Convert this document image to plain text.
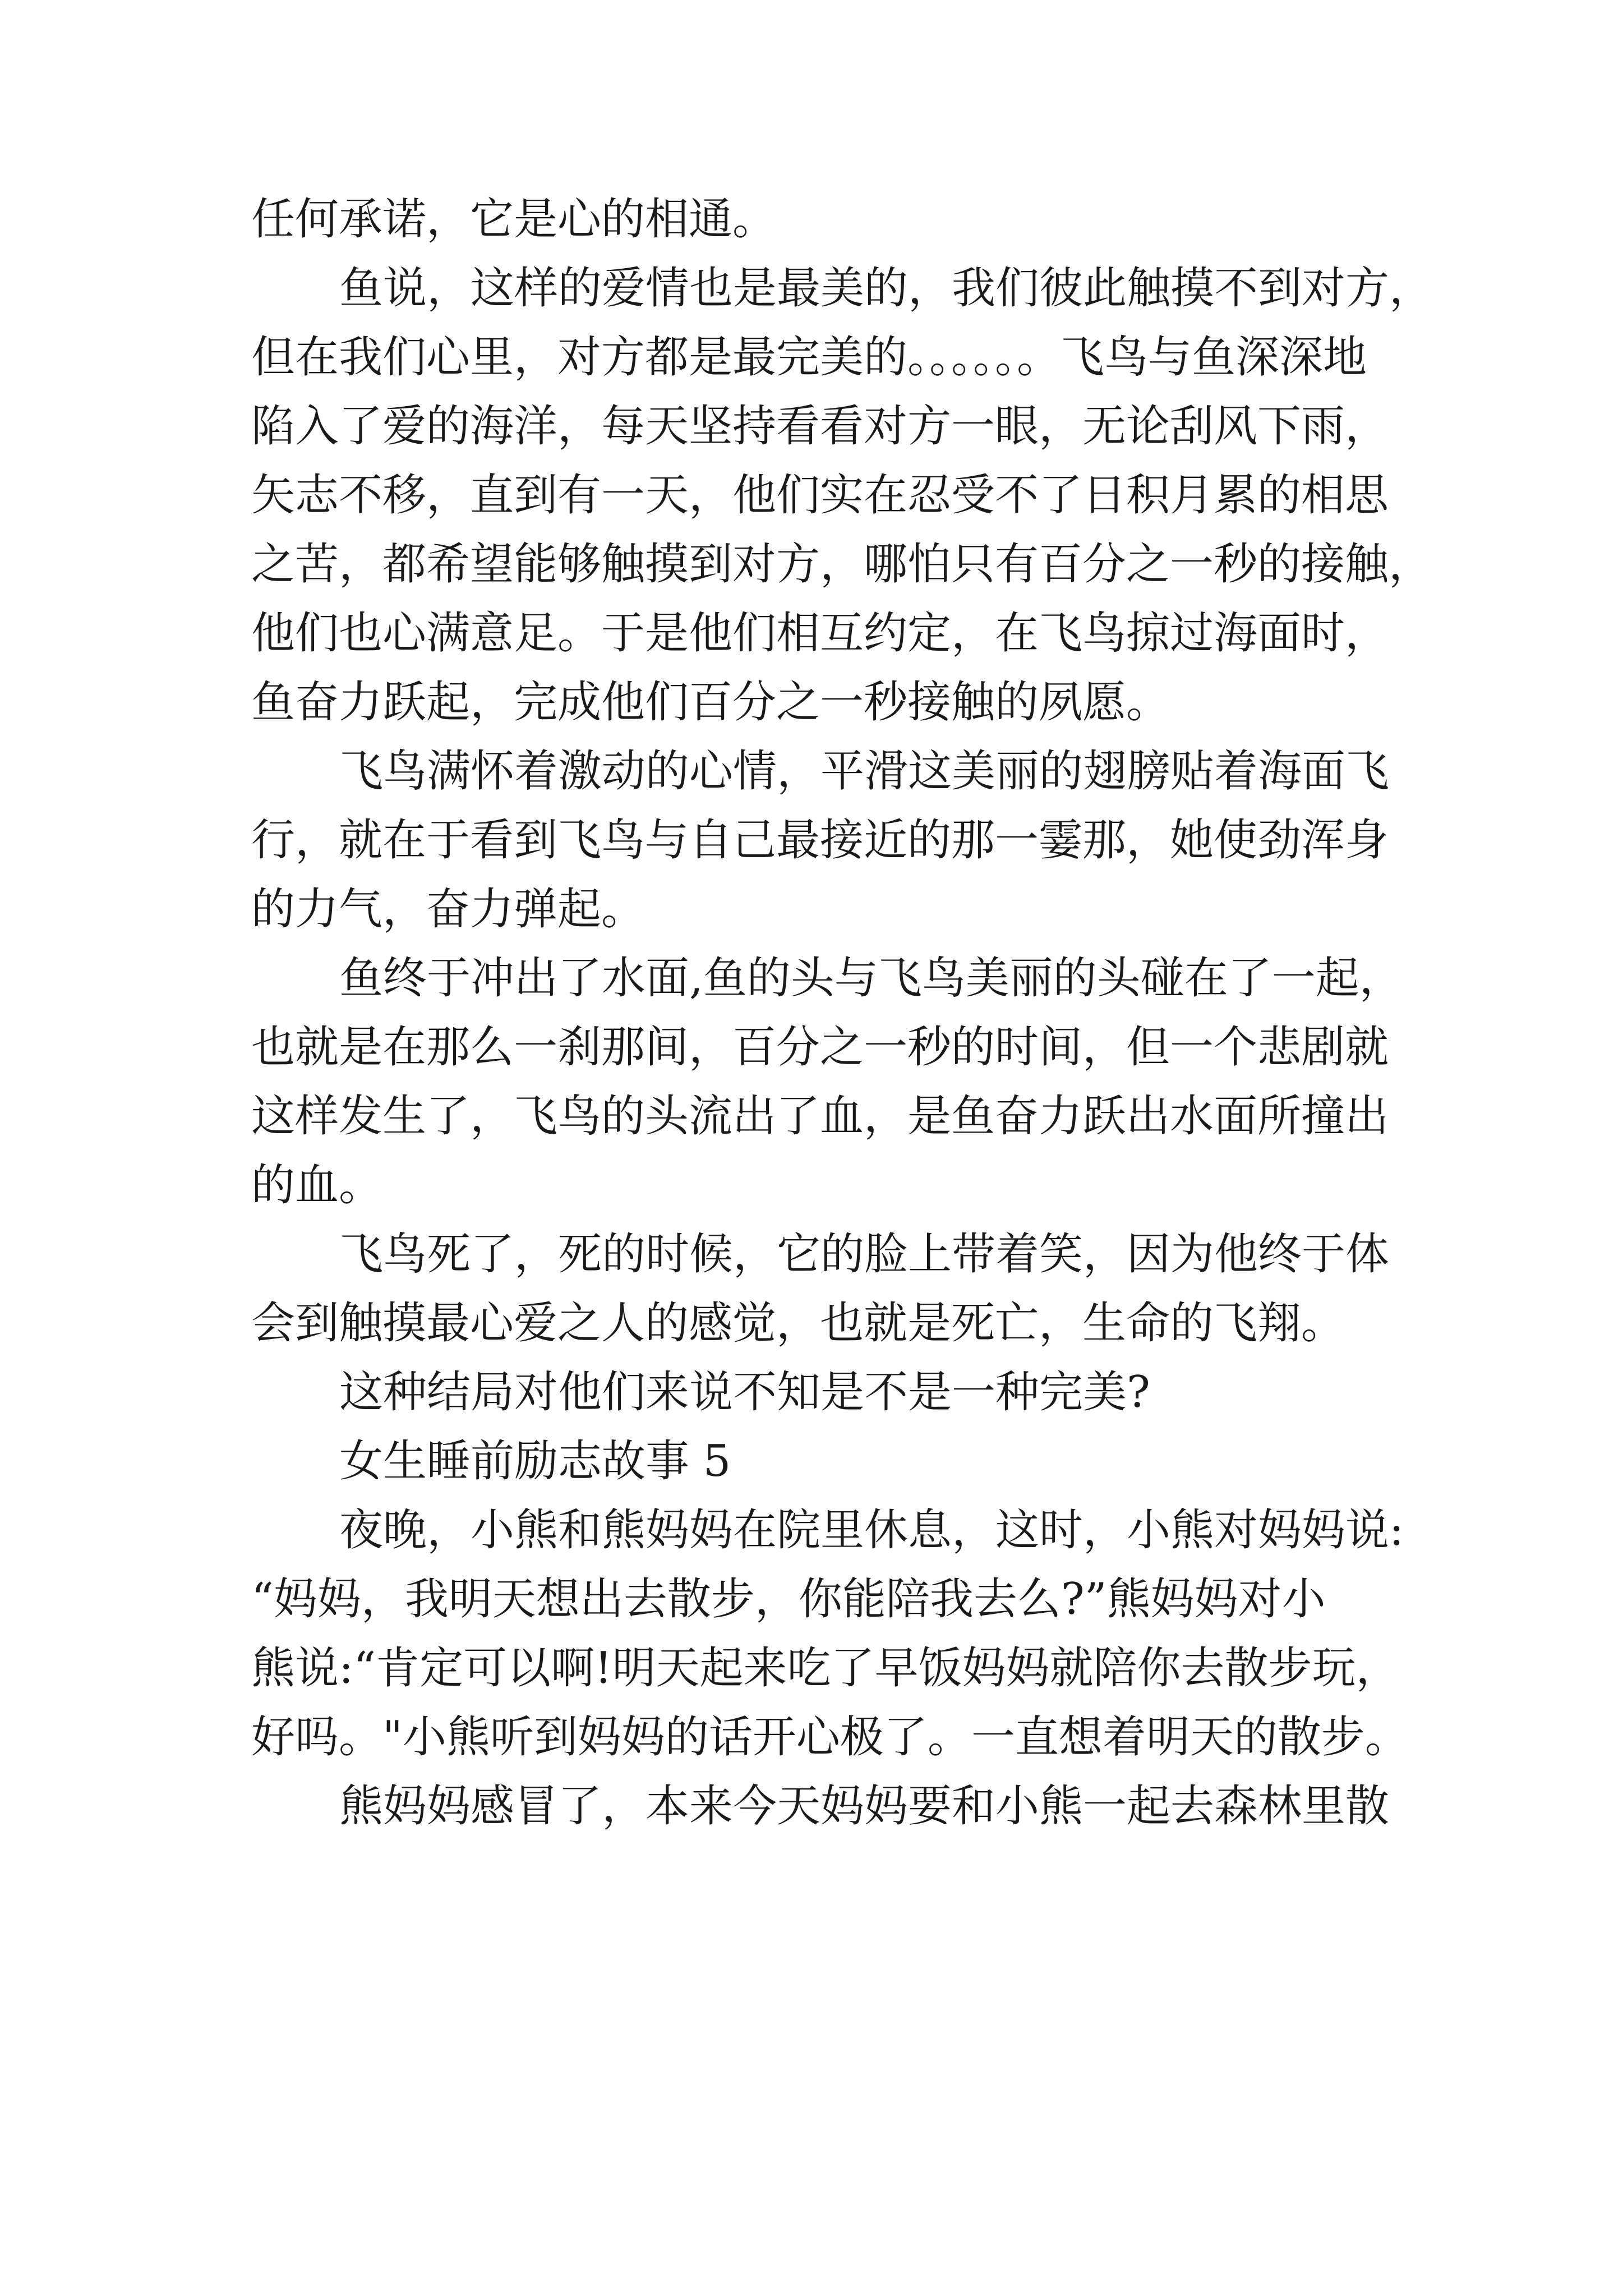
任何承诺，它是心的相通。
鱼说，这样的爱情也是最美的，我们彼此触摸不到对方，
但在我们心里，对方都是最完美的。。。。。。飞鸟与鱼深深地
陷入了爱的海洋，每天坚持看看对方一眼，无论刮风下雨，
矢志不移，直到有一天，他们实在忍受不了日积月累的相思
之苦，都希望能够触摸到对方，哪怕只有百分之一秒的接触，
他们也心满意足。于是他们相互约定，在飞鸟掠过海面时，
鱼奋力跃起，完成他们百分之一秒接触的夙愿。
飞鸟满怀着激动的心情，平滑这美丽的翅膀贴着海面飞
行，就在于看到飞鸟与自己最接近的那一霎那，她使劲浑身
的力气，奋力弹起。
鱼终于冲出了水面,鱼的头与飞鸟美丽的头碰在了一起，
也就是在那么一刹那间，百分之一秒的时间，但一个悲剧就
这样发生了，飞鸟的头流出了血，是鱼奋力跃出水面所撞出
的血。
飞鸟死了，死的时候，它的脸上带着笑，因为他终于体
会到触摸最心爱之人的感觉，也就是死亡，生命的飞翔。
这种结局对他们来说不知是不是一种完美?
女生睡前励志故事 5
夜晚，小熊和熊妈妈在院里休息，这时，小熊对妈妈说:
“妈妈，我明天想出去散步，你能陪我去么?”熊妈妈对小
熊说:“肯定可以啊!明天起来吃了早饭妈妈就陪你去散步玩，
好吗。"小熊听到妈妈的话开心极了。一直想着明天的散步。
熊妈妈感冒了，本来今天妈妈要和小熊一起去森林里散
